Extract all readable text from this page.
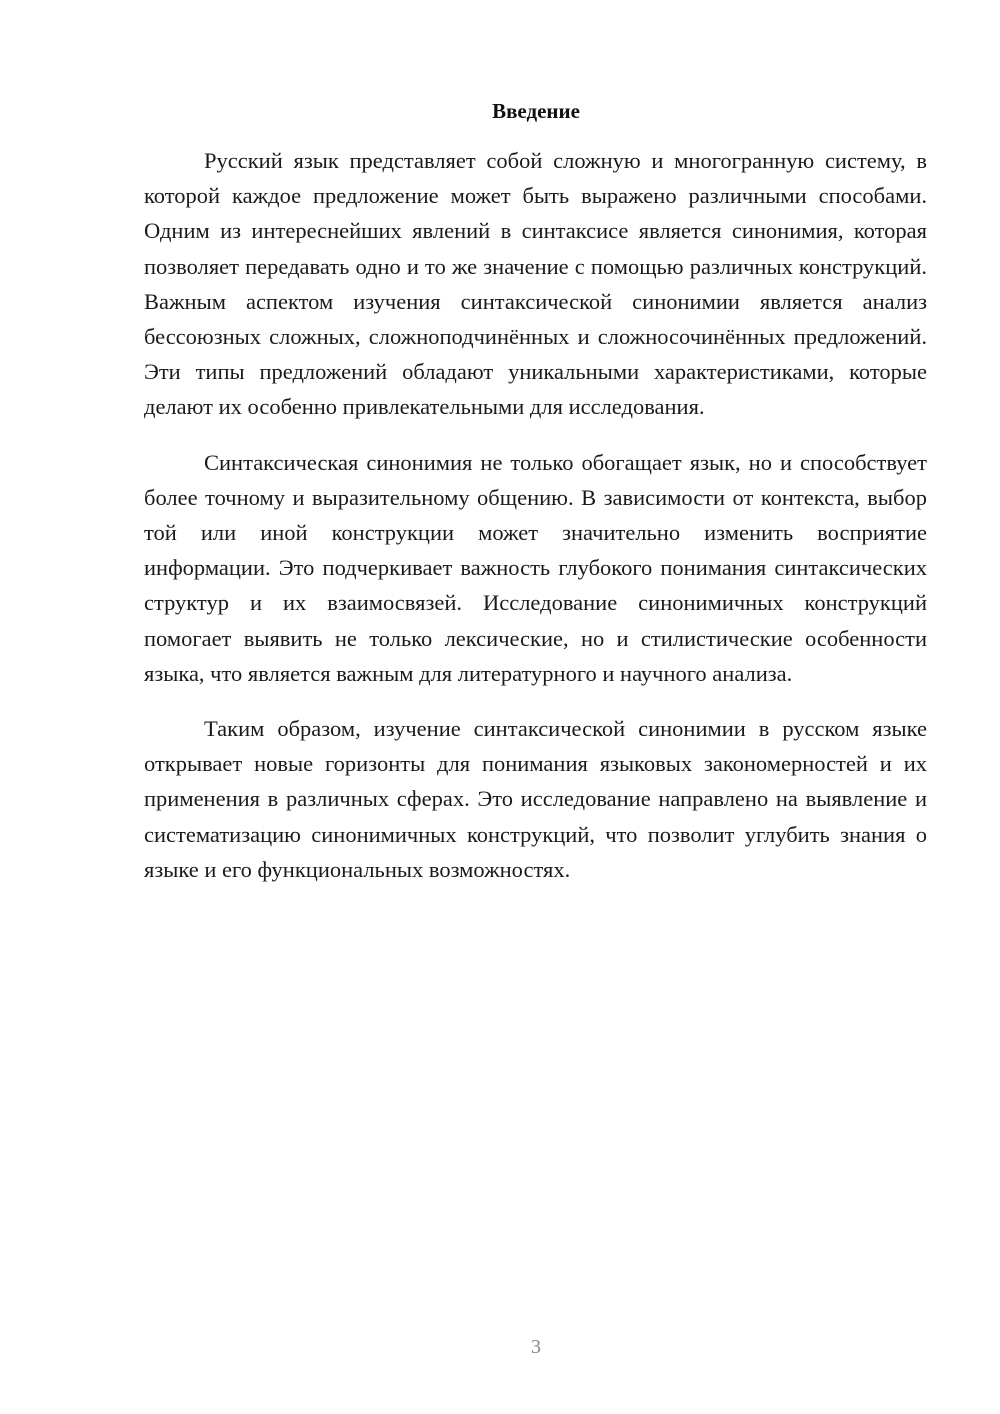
Введение

Русский язык представляет собой сложную и многогранную систему, в которой каждое предложение может быть выражено различными способами. Одним из интереснейших явлений в синтаксисе является синонимия, которая позволяет передавать одно и то же значение с помощью различных конструкций. Важным аспектом изучения синтаксической синонимии является анализ бессоюзных сложных, сложноподчинённых и сложносочинённых предложений. Эти типы предложений обладают уникальными характеристиками, которые делают их особенно привлекательными для исследования.

Синтаксическая синонимия не только обогащает язык, но и способствует более точному и выразительному общению. В зависимости от контекста, выбор той или иной конструкции может значительно изменить восприятие информации. Это подчеркивает важность глубокого понимания синтаксических структур и их взаимосвязей. Исследование синонимичных конструкций помогает выявить не только лексические, но и стилистические особенности языка, что является важным для литературного и научного анализа.

Таким образом, изучение синтаксической синонимии в русском языке открывает новые горизонты для понимания языковых закономерностей и их применения в различных сферах. Это исследование направлено на выявление и систематизацию синонимичных конструкций, что позволит углубить знания о языке и его функциональных возможностях.

3
